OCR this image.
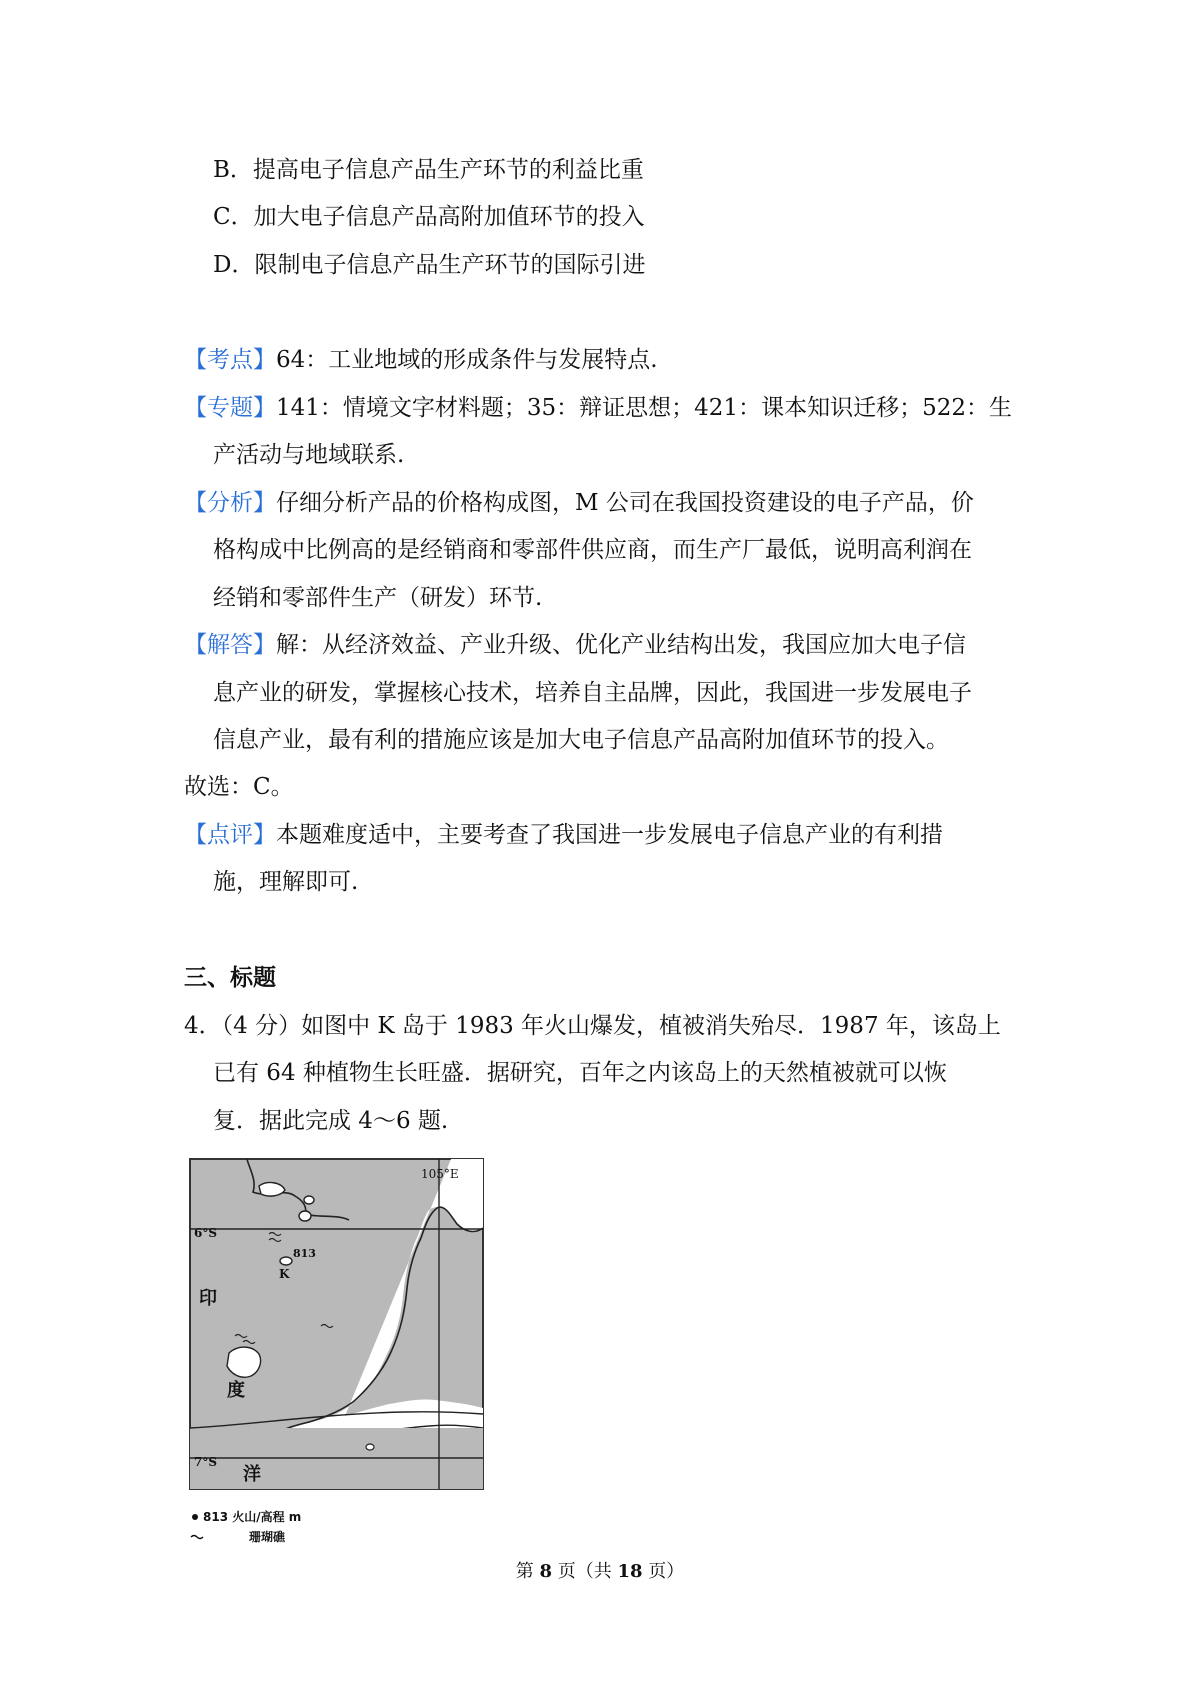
B．提高电子信息产品生产环节的利益比重
C．加大电子信息产品高附加值环节的投入
D．限制电子信息产品生产环节的国际引进
【考点】64：工业地域的形成条件与发展特点.
【专题】141：情境文字材料题；35：辩证思想；421：课本知识迁移；522：生
产活动与地域联系.
【分析】仔细分析产品的价格构成图，M 公司在我国投资建设的电子产品，价
格构成中比例高的是经销商和零部件供应商，而生产厂最低，说明高利润在
经销和零部件生产（研发）环节.
【解答】解：从经济效益、产业升级、优化产业结构出发，我国应加大电子信
息产业的研发，掌握核心技术，培养自主品牌，因此，我国进一步发展电子
信息产业，最有利的措施应该是加大电子信息产品高附加值环节的投入。
故选：C。
【点评】本题难度适中，主要考查了我国进一步发展电子信息产业的有利措
施，理解即可.
三、标题
4．（4 分）如图中 K 岛于 1983 年火山爆发，植被消失殆尽．1987 年，该岛上
已有 64 种植物生长旺盛．据研究，百年之内该岛上的天然植被就可以恢
复．据此完成 4～6 题.
105°E
6°S
7°S
813
K
印
度
洋
813 火山/高程 m
珊瑚礁
第 8 页（共 18 页）
